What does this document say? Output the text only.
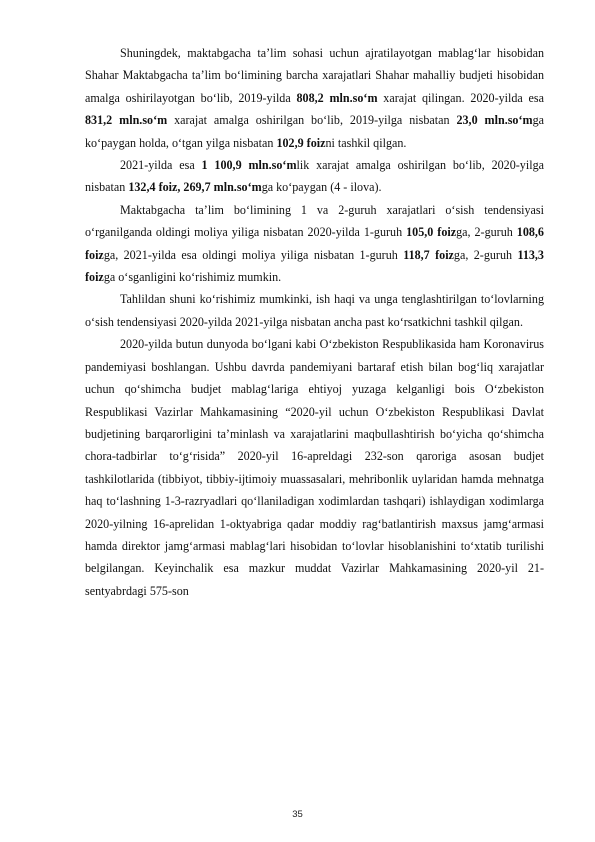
Shuningdek, maktabgacha ta’lim sohasi uchun ajratilayotgan mablag‘lar hisobidan Shahar Maktabgacha ta’lim bo‘limining barcha xarajatlari Shahar mahalliy budjeti hisobidan amalga oshirilayotgan bo‘lib, 2019-yilda 808,2 mln.so‘m xarajat qilingan. 2020-yilda esa 831,2 mln.so‘m xarajat amalga oshirilgan bo‘lib, 2019-yilga nisbatan 23,0 mln.so‘mga ko‘paygan holda, o‘tgan yilga nisbatan 102,9 foizni tashkil qilgan.

2021-yilda esa 1 100,9 mln.so‘mlik xarajat amalga oshirilgan bo‘lib, 2020-yilga nisbatan 132,4 foiz, 269,7 mln.so‘mga ko‘paygan (4 - ilova).

Maktabgacha ta’lim bo‘limining 1 va 2-guruh xarajatlari o‘sish tendensiyasi o‘rganilganda oldingi moliya yiliga nisbatan 2020-yilda 1-guruh 105,0 foizga, 2-guruh 108,6 foizga, 2021-yilda esa oldingi moliya yiliga nisbatan 1-guruh 118,7 foizga, 2-guruh 113,3 foizga o‘sganligini ko‘rishimiz mumkin.

Tahlildan shuni ko‘rishimiz mumkinki, ish haqi va unga tenglashtirilgan to‘lovlarning o‘sish tendensiyasi 2020-yilda 2021-yilga nisbatan ancha past ko‘rsatkichni tashkil qilgan.

2020-yilda butun dunyoda bo‘lgani kabi O‘zbekiston Respublikasida ham Koronavirus pandemiyasi boshlangan. Ushbu davrda pandemiyani bartaraf etish bilan bog‘liq xarajatlar uchun qo‘shimcha budjet mablag‘lariga ehtiyoj yuzaga kelganligi bois O‘zbekiston Respublikasi Vazirlar Mahkamasining “2020-yil uchun O‘zbekiston Respublikasi Davlat budjetining barqarorligini ta’minlash va xarajatlarini maqbullashtirish bo‘yicha qo‘shimcha chora-tadbirlar to‘g‘risida” 2020-yil 16-apreldagi 232-son qaroriga asosan budjet tashkilotlarida (tibbiyot, tibbiy-ijtimoiy muassasalari, mehribonlik uylaridan hamda mehnatga haq to‘lashning 1-3-razryadlari qo‘llaniladigan xodimlardan tashqari) ishlaydigan xodimlarga 2020-yilning 16-aprelidan 1-oktyabriga qadar moddiy rag‘batlantirish maxsus jamg‘armasi hamda direktor jamg‘armasi mablag‘lari hisobidan to‘lovlar hisoblanishini to‘xtatib turilishi belgilangan. Keyinchalik esa mazkur muddat Vazirlar Mahkamasining 2020-yil 21-sentyabrdagi 575-son

35
